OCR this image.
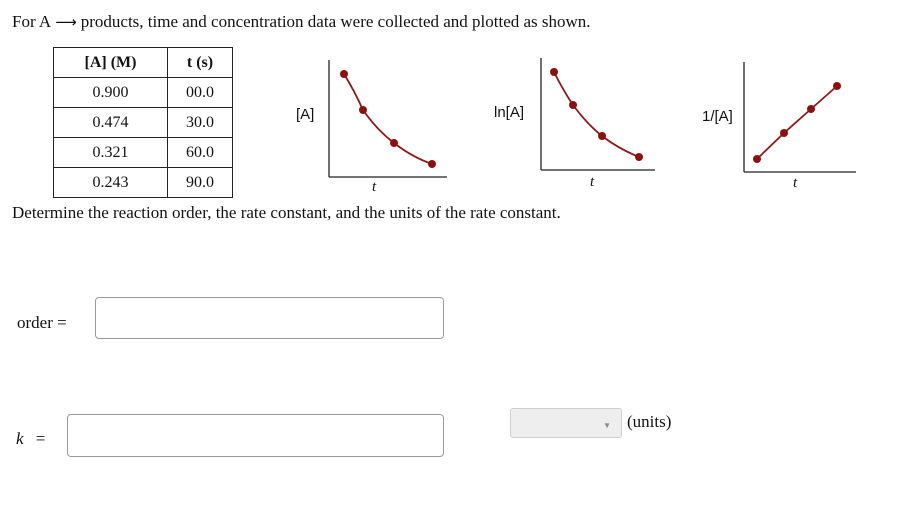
For A ⟶ products, time and concentration data were collected and plotted as shown.
[A] (M)	t (s)
0.900	00.0
0.474	30.0
0.321	60.0
0.243	90.0
[A]
t
ln[A]
t
1/[A]
t
Determine the reaction order, the rate constant, and the units of the rate constant.
order =
k =
▼ (units)
